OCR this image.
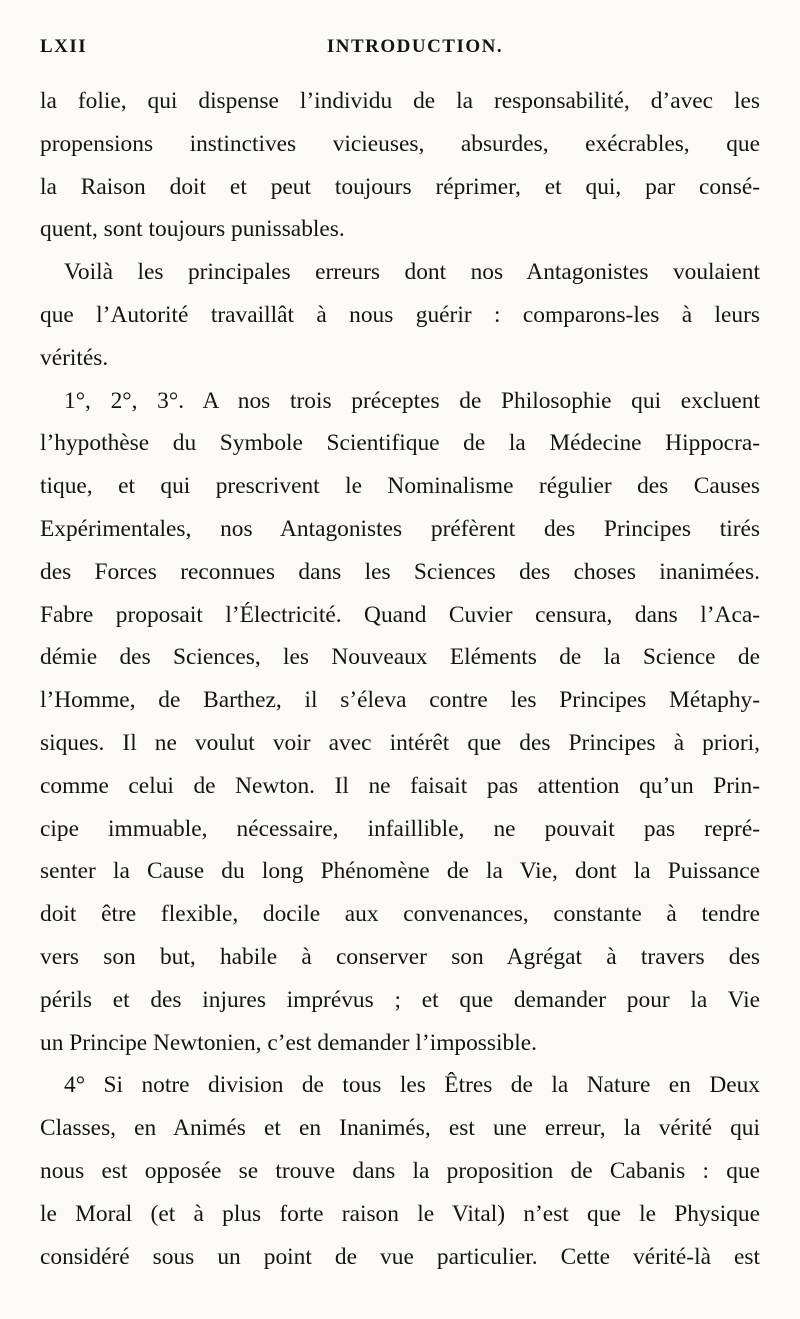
LXII	INTRODUCTION.
la folie, qui dispense l’individu de la responsabilité, d’avec les
propensions instinctives vicieuses, absurdes, exécrables, que
la Raison doit et peut toujours réprimer, et qui, par consé-
quent, sont toujours punissables.
Voilà les principales erreurs dont nos Antagonistes voulaient
que l’Autorité travaillât à nous guérir : comparons-les à leurs
vérités.
1°, 2°, 3°. A nos trois préceptes de Philosophie qui excluent
l’hypothèse du Symbole Scientifique de la Médecine Hippocra-
tique, et qui prescrivent le Nominalisme régulier des Causes
Expérimentales, nos Antagonistes préfèrent des Principes tirés
des Forces reconnues dans les Sciences des choses inanimées.
Fabre proposait l’Électricité. Quand Cuvier censura, dans l’Aca-
démie des Sciences, les Nouveaux Eléments de la Science de
l’Homme, de Barthez, il s’éleva contre les Principes Métaphy-
siques. Il ne voulut voir avec intérêt que des Principes à priori,
comme celui de Newton. Il ne faisait pas attention qu’un Prin-
cipe immuable, nécessaire, infaillible, ne pouvait pas repré-
senter la Cause du long Phénomène de la Vie, dont la Puissance
doit être flexible, docile aux convenances, constante à tendre
vers son but, habile à conserver son Agrégat à travers des
périls et des injures imprévus ; et que demander pour la Vie
un Principe Newtonien, c’est demander l’impossible.
4° Si notre division de tous les Êtres de la Nature en Deux
Classes, en Animés et en Inanimés, est une erreur, la vérité qui
nous est opposée se trouve dans la proposition de Cabanis : que
le Moral (et à plus forte raison le Vital) n’est que le Physique
considéré sous un point de vue particulier. Cette vérité-là est
